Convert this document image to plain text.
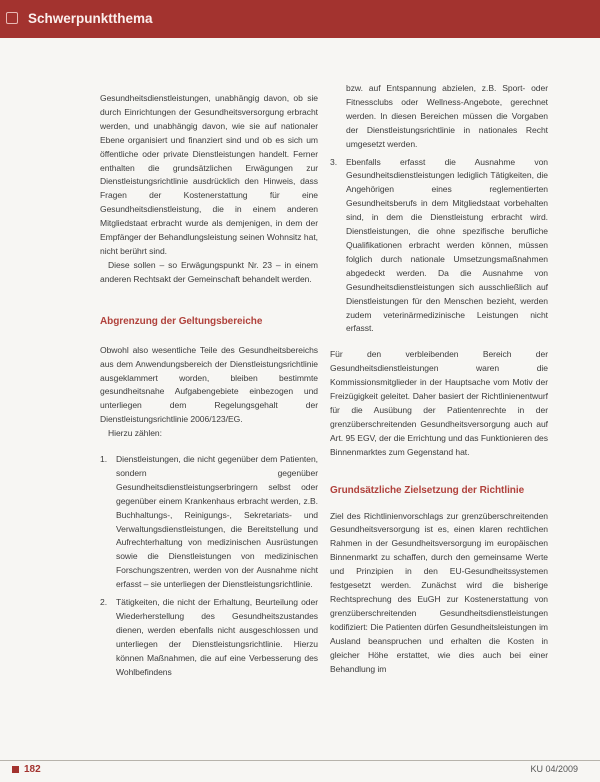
Schwerpunktthema

Gesundheitsdienstleistungen, unabhängig davon, ob sie durch Einrichtungen der Gesundheitsversorgung erbracht werden, und unabhängig davon, wie sie auf nationaler Ebene organisiert und finanziert sind und ob es sich um öffentliche oder private Dienstleistungen handelt. Ferner enthalten die grundsätzlichen Erwägungen zur Dienstleistungsrichtlinie ausdrücklich den Hinweis, dass Fragen der Kostenerstattung für eine Gesundheitsdienstleistung, die in einem anderen Mitgliedstaat erbracht wurde als demjenigen, in dem der Empfänger der Behandlungsleistung seinen Wohnsitz hat, nicht berührt sind.

Diese sollen – so Erwägungspunkt Nr. 23 – in einem anderen Rechtsakt der Gemeinschaft behandelt werden.

Abgrenzung der Geltungsbereiche

Obwohl also wesentliche Teile des Gesundheitsbereichs aus dem Anwendungsbereich der Dienstleistungsrichtlinie ausgeklammert worden, bleiben bestimmte gesundheitsnahe Aufgabengebiete einbezogen und unterliegen dem Regelungsgehalt der Dienstleistungsrichtlinie 2006/123/EG.

Hierzu zählen:

1. Dienstleistungen, die nicht gegenüber dem Patienten, sondern gegenüber Gesundheitsdienstleistungserbringern selbst oder gegenüber einem Krankenhaus erbracht werden, z.B. Buchhaltungs-, Reinigungs-, Sekretariats- und Verwaltungsdienstleistungen, die Bereitstellung und Aufrechterhaltung von medizinischen Ausrüstungen sowie die Dienstleistungen von medizinischen Forschungszentren, werden von der Ausnahme nicht erfasst – sie unterliegen der Dienstleistungsrichtlinie.
2. Tätigkeiten, die nicht der Erhaltung, Beurteilung oder Wiederherstellung des Gesundheitszustandes dienen, werden ebenfalls nicht ausgeschlossen und unterliegen der Dienstleistungsrichtlinie. Hierzu können Maßnahmen, die auf eine Verbesserung des Wohlbefindens
bzw. auf Entspannung abzielen, z.B. Sport- oder Fitnessclubs oder Wellness-Angebote, gerechnet werden. In diesen Bereichen müssen die Vorgaben der Dienstleistungsrichtlinie in nationales Recht umgesetzt werden.
3. Ebenfalls erfasst die Ausnahme von Gesundheitsdienstleistungen lediglich Tätigkeiten, die Angehörigen eines reglementierten Gesundheitsberufs in dem Mitgliedstaat vorbehalten sind, in dem die Dienstleistung erbracht wird. Dienstleistungen, die ohne spezifische berufliche Qualifikationen erbracht werden können, müssen folglich durch nationale Umsetzungsmaßnahmen abgedeckt werden. Da die Ausnahme von Gesundheitsdienstleistungen sich ausschließlich auf Dienstleistungen für den Menschen bezieht, werden zudem veterinärmedizinische Leistungen nicht erfasst.

Für den verbleibenden Bereich der Gesundheitsdienstleistungen waren die Kommissionsmitglieder in der Hauptsache vom Motiv der Freizügigkeit geleitet. Daher basiert der Richtlinienentwurf für die Ausübung der Patientenrechte in der grenzüberschreitenden Gesundheitsversorgung auch auf Art. 95 EGV, der die Errichtung und das Funktionieren des Binnenmarktes zum Gegenstand hat.

Grundsätzliche Zielsetzung der Richtlinie

Ziel des Richtlinienvorschlags zur grenzüberschreitenden Gesundheitsversorgung ist es, einen klaren rechtlichen Rahmen in der Gesundheitsversorgung im europäischen Binnenmarkt zu schaffen, durch den gemeinsame Werte und Prinzipien in den EU-Gesundheitssystemen festgesetzt werden. Zunächst wird die bisherige Rechtsprechung des EuGH zur Kostenerstattung von grenzüberschreitenden Gesundheitsdienstleistungen kodifiziert: Die Patienten dürfen Gesundheitsleistungen im Ausland beanspruchen und erhalten die Kosten in gleicher Höhe erstattet, wie dies auch bei einer Behandlung im

182	KU 04/2009
